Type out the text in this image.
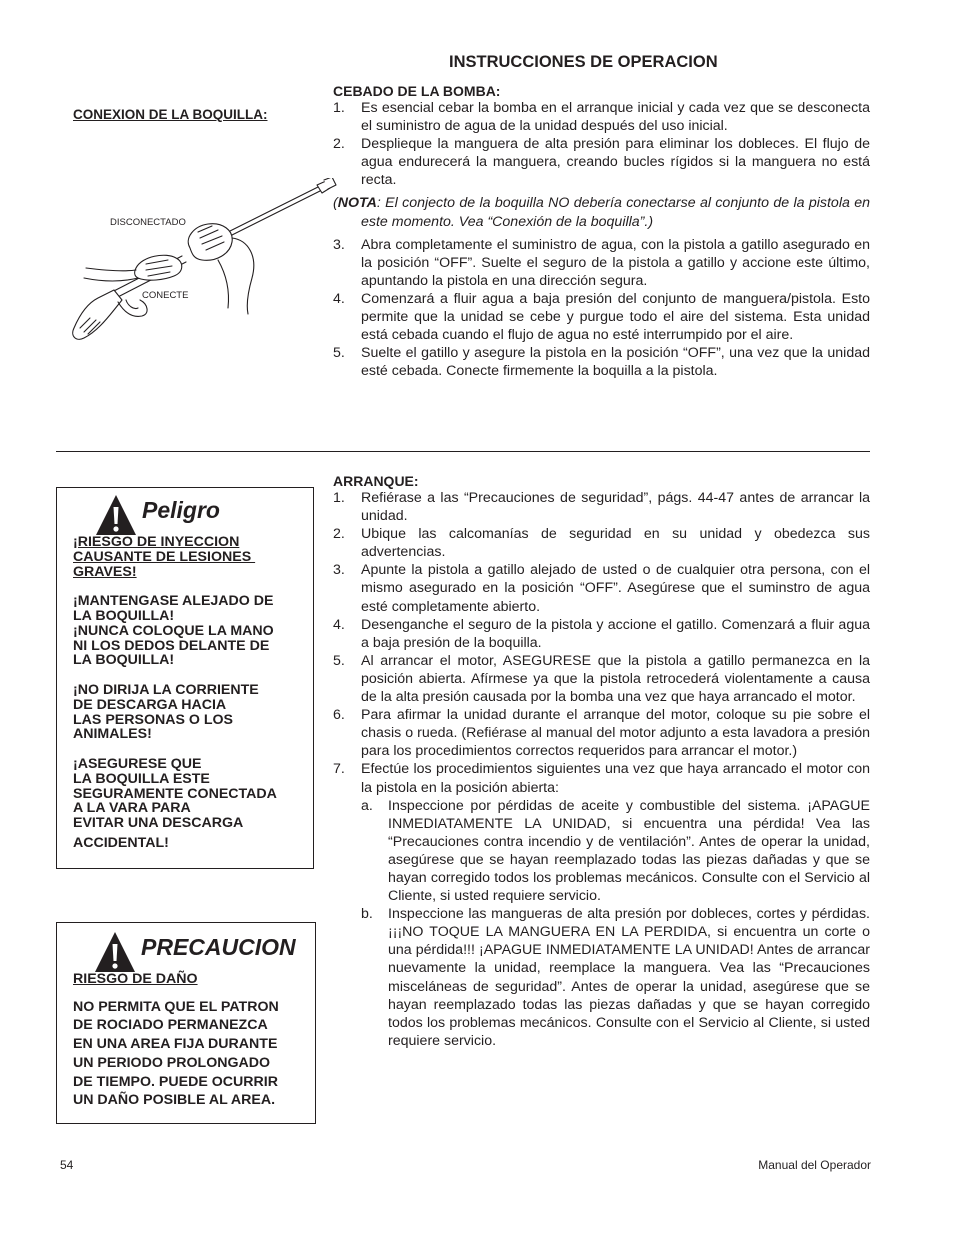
INSTRUCCIONES DE OPERACION
CONEXION DE LA BOQUILLA:
DISCONECTADO
CONECTE
CEBADO DE LA BOMBA:
1. Es esencial cebar la bomba en el arranque inicial y cada vez que se desconecta el suministro de agua de la unidad después del uso inicial.
2. Desplieque la manguera de alta presión para eliminar los dobleces. El flujo de agua endurecerá la manguera, creando bucles rígidos si la manguera no está recta.
(NOTA: El conjecto de la boquilla NO debería conectarse al conjunto de la pistola en este momento. Vea “Conexión de la boquilla”.)
3. Abra completamente el suministro de agua, con la pistola a gatillo asegurado en la posición “OFF”. Suelte el seguro de la pistola a gatillo y accione este último, apuntando la pistola en una dirección segura.
4. Comenzará a fluir agua a baja presión del conjunto de manguera/pistola. Esto permite que la unidad se cebe y purgue todo el aire del sistema. Esta unidad está cebada cuando el flujo de agua no esté interrumpido por el aire.
5. Suelte el gatillo y asegure la pistola en la posición “OFF”, una vez que la unidad esté cebada. Conecte firmemente la boquilla a la pistola.
ARRANQUE:
1. Refiérase a las “Precauciones de seguridad”, págs. 44-47 antes de arrancar la unidad.
2. Ubique las calcomanías de seguridad en su unidad y obedezca sus advertencias.
3. Apunte la pistola a gatillo alejado de usted o de cualquier otra persona, con el mismo asegurado en la posición “OFF”. Asegúrese que el suminstro de agua esté completamente abierto.
4. Desenganche el seguro de la pistola y accione el gatillo. Comenzará a fluir agua a baja presión de la boquilla.
5. Al arrancar el motor, ASEGURESE que la pistola a gatillo permanezca en la posición abierta. Afírmese ya que la pistola retrocederá violentamente a causa de la alta presión causada por la bomba una vez que haya arrancado el motor.
6. Para afirmar la unidad durante el arranque del motor, coloque su pie sobre el chasis o rueda. (Refiérase al manual del motor adjunto a esta lavadora a presión para los procedimientos correctos requeridos para arrancar el motor.)
7. Efectúe los procedimientos siguientes una vez que haya arrancado el motor con la pistola en la posición abierta:
a. Inspeccione por pérdidas de aceite y combustible del sistema. ¡APAGUE INMEDIATAMENTE LA UNIDAD, si encuentra una pérdida! Vea las “Precauciones contra incendio y de ventilación”. Antes de operar la unidad, asegúrese que se hayan reemplazado todas las piezas dañadas y que se hayan corregido todos los problemas mecánicos. Consulte con el Servicio al Cliente, si usted requiere servicio.
b. Inspeccione las mangueras de alta presión por dobleces, cortes y pérdidas. ¡¡¡NO TOQUE LA MANGUERA EN LA PERDIDA, si encuentra un corte o una pérdida!!! ¡APAGUE INMEDIATAMENTE LA UNIDAD! Antes de arrancar nuevamente la unidad, reemplace la manguera. Vea las “Precauciones misceláneas de seguridad”. Antes de operar la unidad, asegúrese que se hayan reemplazado todas las piezas dañadas y que se hayan corregido todos los problemas mecánicos. Consulte con el Servicio al Cliente, si usted requiere servicio.
Peligro
¡RIESGO DE INYECCION
CAUSANTE DE LESIONES
GRAVES!
¡MANTENGASE ALEJADO DE
LA BOQUILLA!
¡NUNCA COLOQUE LA MANO
NI LOS DEDOS DELANTE DE
LA BOQUILLA!
¡NO DIRIJA LA CORRIENTE
DE DESCARGA HACIA
LAS PERSONAS O LOS
ANIMALES!
¡ASEGURESE QUE
LA BOQUILLA ESTE
SEGURAMENTE CONECTADA
A LA VARA PARA
EVITAR UNA DESCARGA
ACCIDENTAL!
PRECAUCION
RIESGO DE DAÑO
NO PERMITA QUE EL PATRON
DE ROCIADO PERMANEZCA
EN UNA AREA FIJA DURANTE
UN PERIODO PROLONGADO
DE TIEMPO. PUEDE OCURRIR
UN DAÑO POSIBLE AL AREA.
54	Manual del Operador
